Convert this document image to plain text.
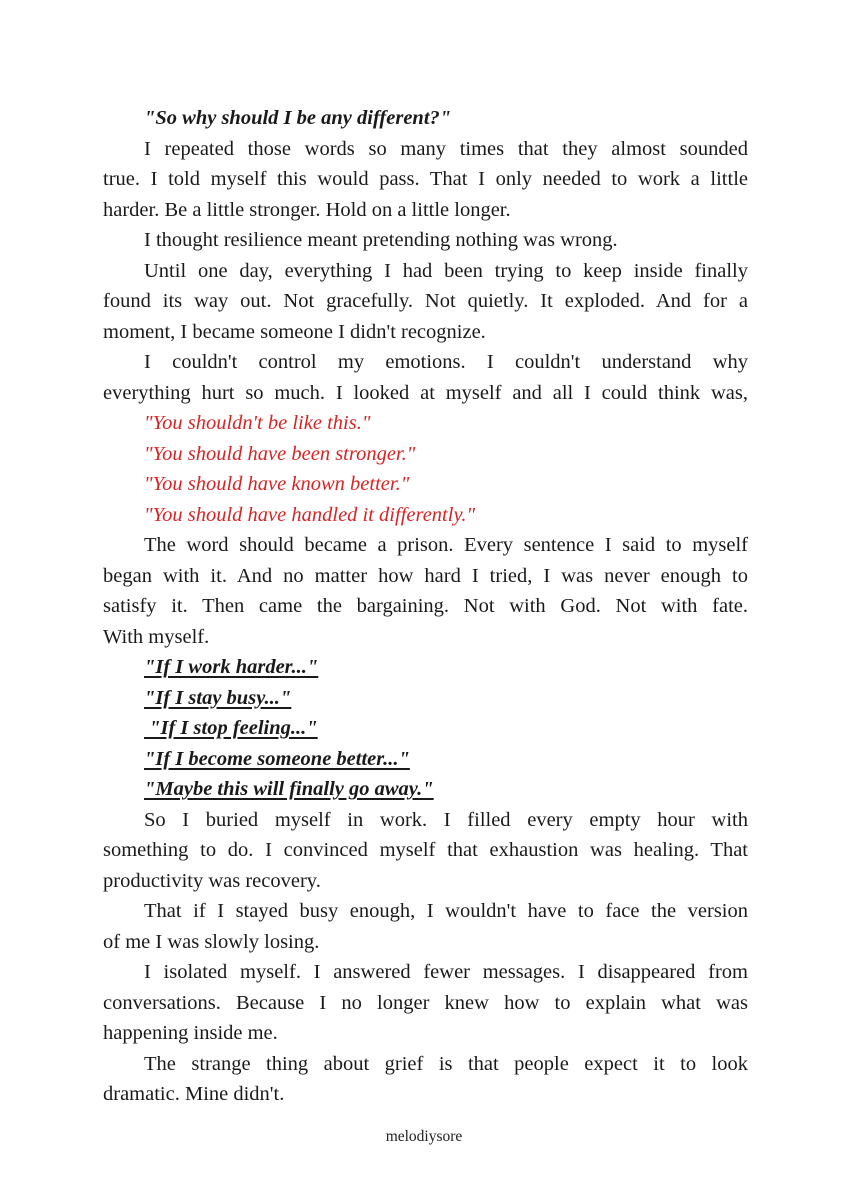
"So why should I be any different?"
I repeated those words so many times that they almost sounded
true. I told myself this would pass. That I only needed to work a little
harder. Be a little stronger. Hold on a little longer.
I thought resilience meant pretending nothing was wrong.
Until one day, everything I had been trying to keep inside finally
found its way out. Not gracefully. Not quietly. It exploded. And for a
moment, I became someone I didn't recognize.
I couldn't control my emotions. I couldn't understand why
everything hurt so much. I looked at myself and all I could think was,
"You shouldn't be like this."
"You should have been stronger."
"You should have known better."
"You should have handled it differently."
The word should became a prison. Every sentence I said to myself
began with it. And no matter how hard I tried, I was never enough to
satisfy it. Then came the bargaining. Not with God. Not with fate.
With myself.
"If I work harder..."
"If I stay busy..."
"If I stop feeling..."
"If I become someone better..."
"Maybe this will finally go away."
So I buried myself in work. I filled every empty hour with
something to do. I convinced myself that exhaustion was healing. That
productivity was recovery.
That if I stayed busy enough, I wouldn't have to face the version
of me I was slowly losing.
I isolated myself. I answered fewer messages. I disappeared from
conversations. Because I no longer knew how to explain what was
happening inside me.
The strange thing about grief is that people expect it to look
dramatic. Mine didn't.
melodiysore
